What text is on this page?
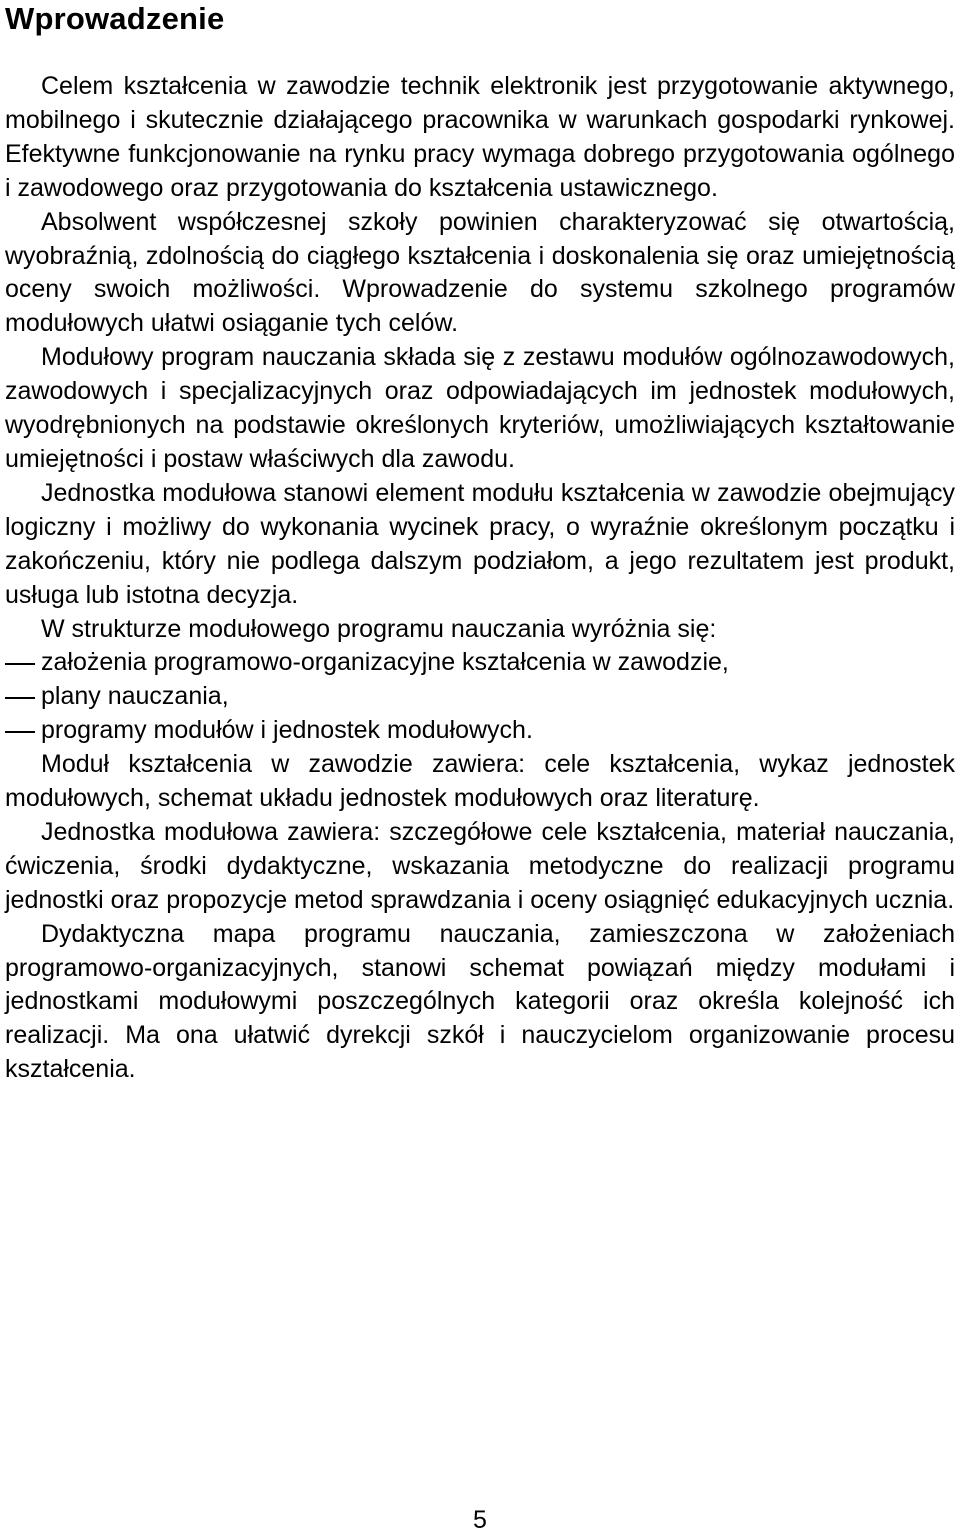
Wprowadzenie

Celem kształcenia w zawodzie technik elektronik jest przygotowanie aktywnego, mobilnego i skutecznie działającego pracownika w warunkach gospodarki rynkowej. Efektywne funkcjonowanie na rynku pracy wymaga dobrego przygotowania ogólnego i zawodowego oraz przygotowania do kształcenia ustawicznego.

Absolwent współczesnej szkoły powinien charakteryzować się otwartością, wyobraźnią, zdolnością do ciągłego kształcenia i doskonalenia się oraz umiejętnością oceny swoich możliwości. Wprowadzenie do systemu szkolnego programów modułowych ułatwi osiąganie tych celów.

Modułowy program nauczania składa się z zestawu modułów ogólnozawodowych, zawodowych i specjalizacyjnych oraz odpowiadających im jednostek modułowych, wyodrębnionych na podstawie określonych kryteriów, umożliwiających kształtowanie umiejętności i postaw właściwych dla zawodu.

Jednostka modułowa stanowi element modułu kształcenia w zawodzie obejmujący logiczny i możliwy do wykonania wycinek pracy, o wyraźnie określonym początku i zakończeniu, który nie podlega dalszym podziałom, a jego rezultatem jest produkt, usługa lub istotna decyzja.

W strukturze modułowego programu nauczania wyróżnia się:

założenia programowo-organizacyjne kształcenia w zawodzie,
plany nauczania,
programy modułów i jednostek modułowych.

Moduł kształcenia w zawodzie zawiera: cele kształcenia, wykaz jednostek modułowych, schemat układu jednostek modułowych oraz literaturę.

Jednostka modułowa zawiera: szczegółowe cele kształcenia, materiał nauczania, ćwiczenia, środki dydaktyczne, wskazania metodyczne do realizacji programu jednostki oraz propozycje metod sprawdzania i oceny osiągnięć edukacyjnych ucznia.

Dydaktyczna mapa programu nauczania, zamieszczona w założeniach programowo-organizacyjnych, stanowi schemat powiązań między modułami i jednostkami modułowymi poszczególnych kategorii oraz określa kolejność ich realizacji. Ma ona ułatwić dyrekcji szkół i nauczycielom organizowanie procesu kształcenia.

5
